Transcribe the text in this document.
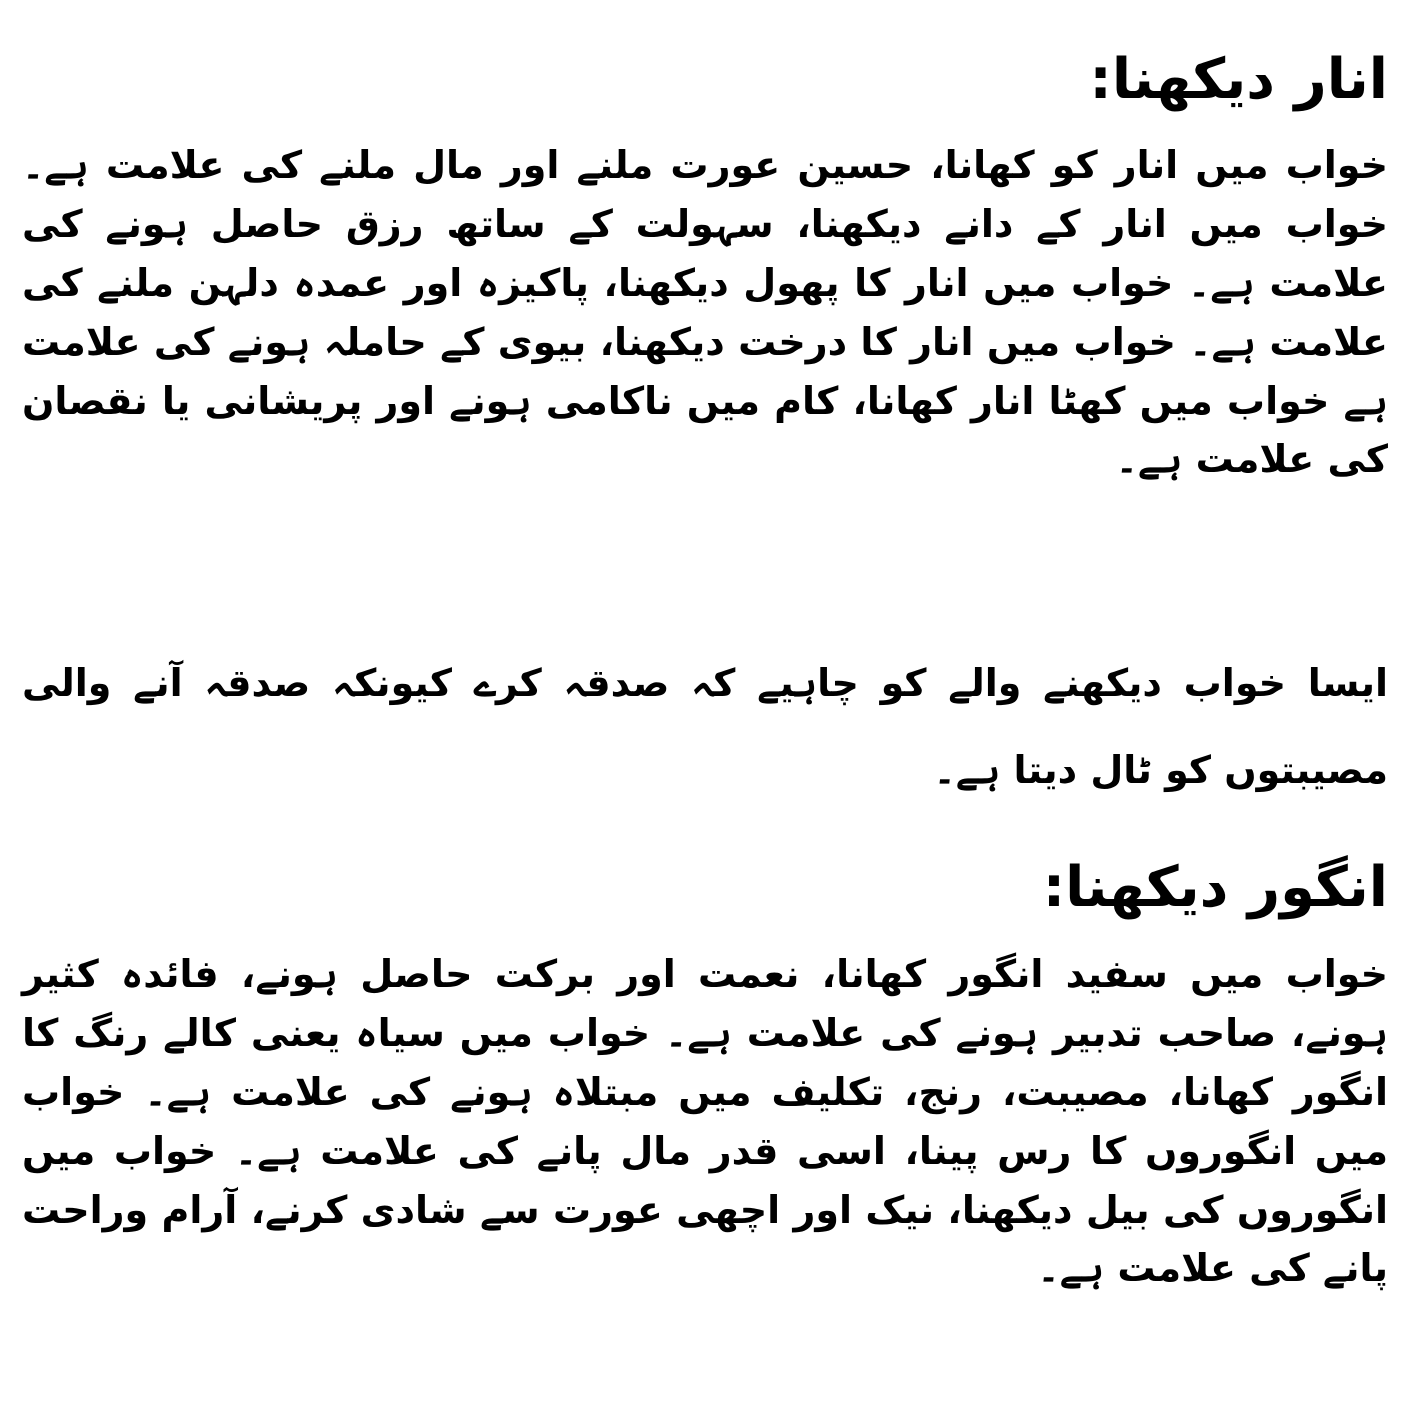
انار دیکھنا:

خواب میں انار کو کھانا، حسین عورت ملنے اور مال ملنے کی علامت ہے۔ خواب میں انار کے دانے دیکھنا، سہولت کے ساتھ رزق حاصل ہونے کی علامت ہے۔ خواب میں انار کا پھول دیکھنا، پاکیزہ اور عمدہ دلہن ملنے کی علامت ہے۔ خواب میں انار کا درخت دیکھنا، بیوی کے حاملہ ہونے کی علامت ہے خواب میں کھٹا انار کھانا، کام میں ناکامی ہونے اور پریشانی یا نقصان کی علامت ہے۔

ایسا خواب دیکھنے والے کو چاہیے کہ صدقہ کرے کیونکہ صدقہ آنے والی مصیبتوں کو ٹال دیتا ہے۔

انگور دیکھنا:

خواب میں سفید انگور کھانا، نعمت اور برکت حاصل ہونے، فائدہ کثیر ہونے، صاحب تدبیر ہونے کی علامت ہے۔ خواب میں سیاہ یعنی کالے رنگ کا انگور کھانا، مصیبت، رنج، تکلیف میں مبتلاہ ہونے کی علامت ہے۔ خواب میں انگوروں کا رس پینا، اسی قدر مال پانے کی علامت ہے۔ خواب میں انگوروں کی بیل دیکھنا، نیک اور اچھی عورت سے شادی کرنے، آرام وراحت پانے کی علامت ہے۔
